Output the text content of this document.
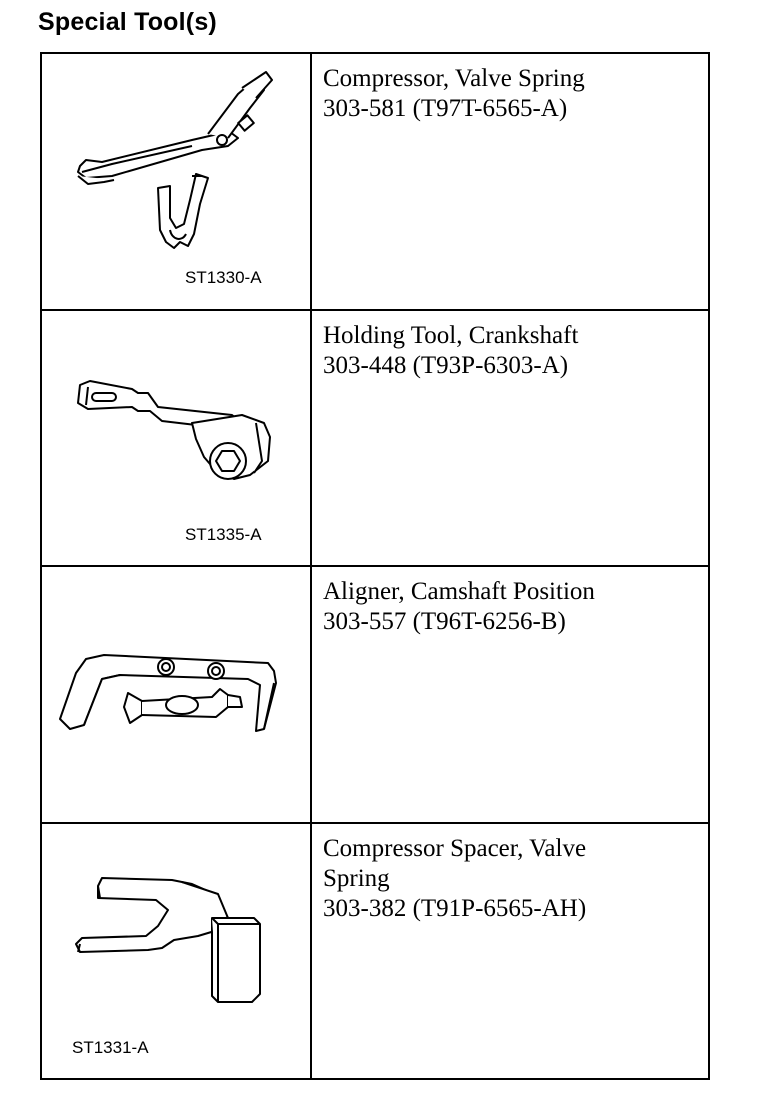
Special Tool(s)
ST1330-A	Compressor, Valve Spring
303-581 (T97T-6565-A)

ST1335-A	Holding Tool, Crankshaft
303-448 (T93P-6303-A)

Aligner, Camshaft Position
303-557 (T96T-6256-B)

ST1331-A	Compressor Spacer, Valve
Spring
303-382 (T91P-6565-AH)
